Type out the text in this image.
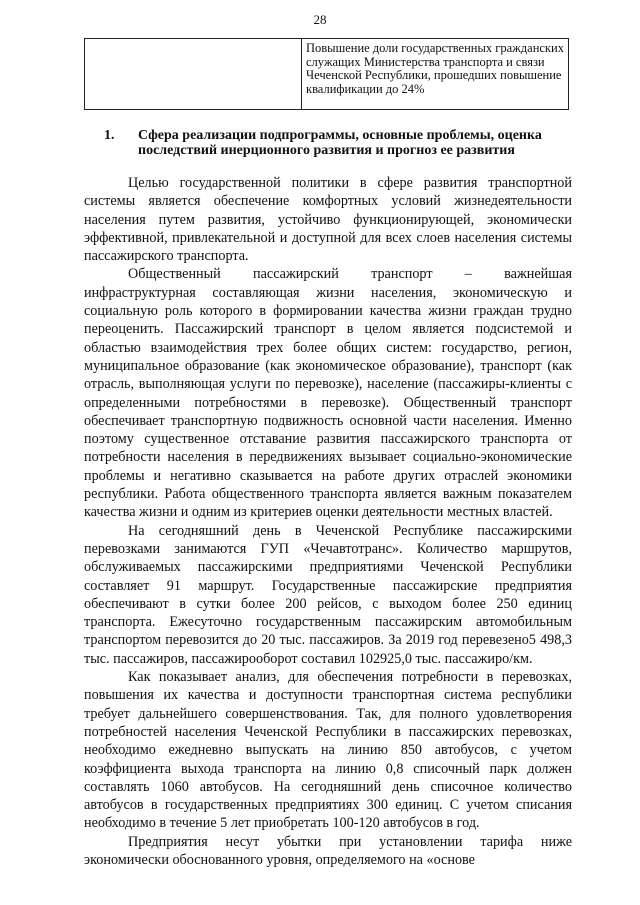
28

Повышение доли государственных гражданских служащих Министерства транспорта и связи Чеченской Республики, прошедших повышение квалификации до 24%

1. Сфера реализации подпрограммы, основные проблемы, оценка последствий инерционного развития и прогноз ее развития

Целью государственной политики в сфере развития транспортной системы является обеспечение комфортных условий жизнедеятельности населения путем развития, устойчиво функционирующей, экономически эффективной, привлекательной и доступной для всех слоев населения системы пассажирского транспорта.

Общественный пассажирский транспорт – важнейшая инфраструктурная составляющая жизни населения, экономическую и социальную роль которого в формировании качества жизни граждан трудно переоценить. Пассажирский транспорт в целом является подсистемой и областью взаимодействия трех более общих систем: государство, регион, муниципальное образование (как экономическое образование), транспорт (как отрасль, выполняющая услуги по перевозке), население (пассажиры-клиенты с определенными потребностями в перевозке). Общественный транспорт обеспечивает транспортную подвижность основной части населения. Именно поэтому существенное отставание развития пассажирского транспорта от потребности населения в передвижениях вызывает социально-экономические проблемы и негативно сказывается на работе других отраслей экономики республики. Работа общественного транспорта является важным показателем качества жизни и одним из критериев оценки деятельности местных властей.

На сегодняшний день в Чеченской Республике пассажирскими перевозками занимаются ГУП «Чечавтотранс». Количество маршрутов, обслуживаемых пассажирскими предприятиями Чеченской Республики составляет 91 маршрут. Государственные пассажирские предприятия обеспечивают в сутки более 200 рейсов, с выходом более 250 единиц транспорта. Ежесуточно государственным пассажирским автомобильным транспортом перевозится до 20 тыс. пассажиров. За 2019 год перевезено5 498,3 тыс. пассажиров, пассажирооборот составил 102925,0 тыс. пассажиро/км.

Как показывает анализ, для обеспечения потребности в перевозках, повышения их качества и доступности транспортная система республики требует дальнейшего совершенствования. Так, для полного удовлетворения потребностей населения Чеченской Республики в пассажирских перевозках, необходимо ежедневно выпускать на линию 850 автобусов, с учетом коэффициента выхода транспорта на линию 0,8 списочный парк должен составлять 1060 автобусов. На сегодняшний день списочное количество автобусов в государственных предприятиях 300 единиц. С учетом списания необходимо в течение 5 лет приобретать 100-120 автобусов в год.

Предприятия несут убытки при установлении тарифа ниже экономически обоснованного уровня, определяемого на «основе
